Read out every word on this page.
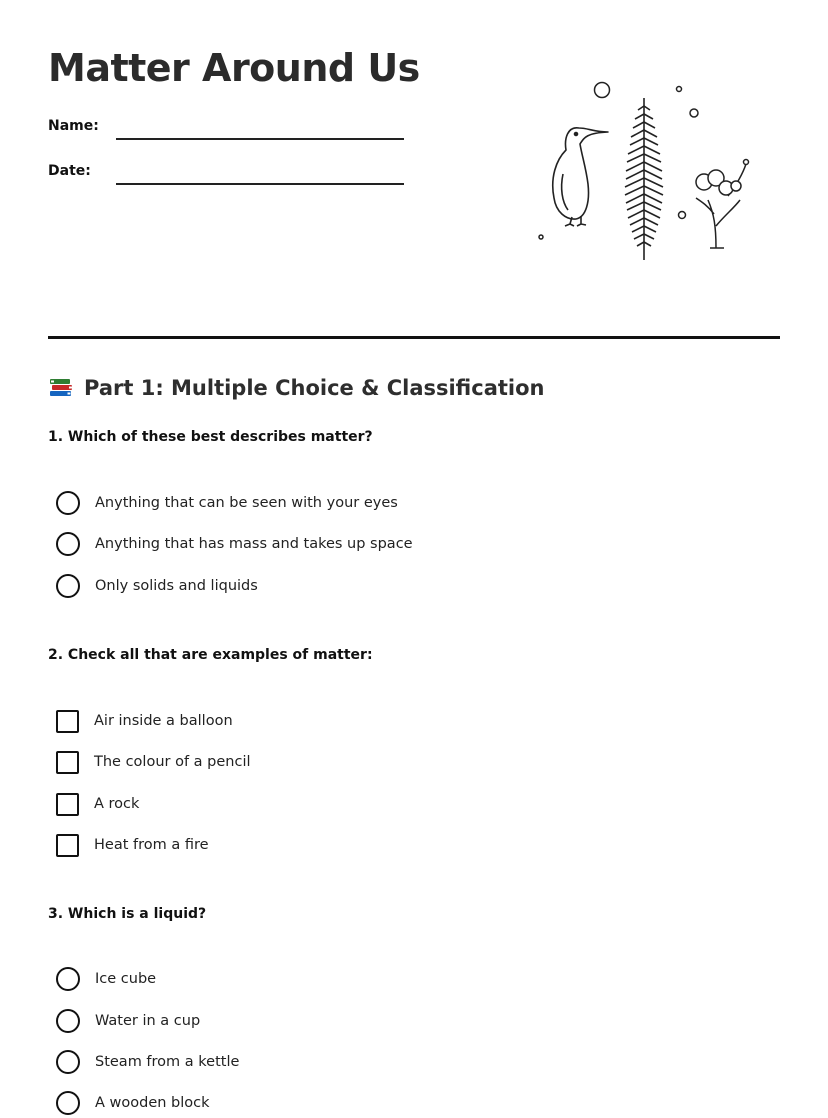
Matter Around Us
Name:
Date:
Part 1: Multiple Choice & Classification

1. Which of these best describes matter?

Anything that can be seen with your eyes
Anything that has mass and takes up space
Only solids and liquids

2. Check all that are examples of matter:

Air inside a balloon
The colour of a pencil
A rock
Heat from a fire

3. Which is a liquid?

Ice cube
Water in a cup
Steam from a kettle
A wooden block
